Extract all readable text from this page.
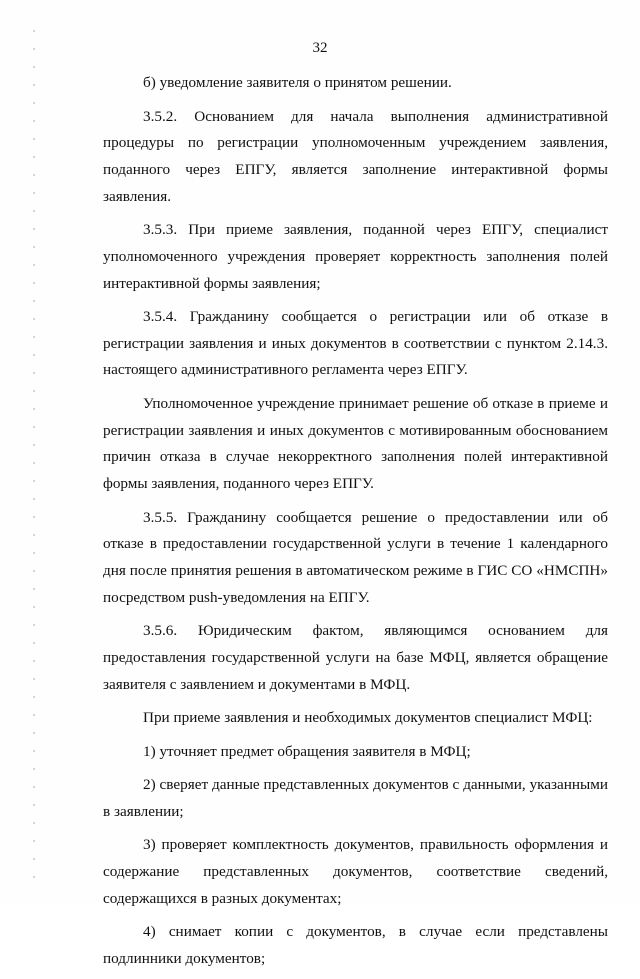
32

б) уведомление заявителя о принятом решении.

3.5.2. Основанием для начала выполнения административной процедуры по регистрации уполномоченным учреждением заявления, поданного через ЕПГУ, является заполнение интерактивной формы заявления.

3.5.3. При приеме заявления, поданной через ЕПГУ, специалист уполномоченного учреждения проверяет корректность заполнения полей интерактивной формы заявления;

3.5.4. Гражданину сообщается о регистрации или об отказе в регистрации заявления и иных документов в соответствии с пунктом 2.14.3. настоящего административного регламента через ЕПГУ.

Уполномоченное учреждение принимает решение об отказе в приеме и регистрации заявления и иных документов с мотивированным обоснованием причин отказа в случае некорректного заполнения полей интерактивной формы заявления, поданного через ЕПГУ.

3.5.5. Гражданину сообщается решение о предоставлении или об отказе в предоставлении государственной услуги в течение 1 календарного дня после принятия решения в автоматическом режиме в ГИС СО «НМСПН» посредством push-уведомления на ЕПГУ.

3.5.6. Юридическим фактом, являющимся основанием для предоставления государственной услуги на базе МФЦ, является обращение заявителя с заявлением и документами в МФЦ.

При приеме заявления и необходимых документов специалист МФЦ:

1) уточняет предмет обращения заявителя в МФЦ;

2) сверяет данные представленных документов с данными, указанными в заявлении;

3) проверяет комплектность документов, правильность оформления и содержание представленных документов, соответствие сведений, содержащихся в разных документах;

4) снимает копии с документов, в случае если представлены подлинники документов;
